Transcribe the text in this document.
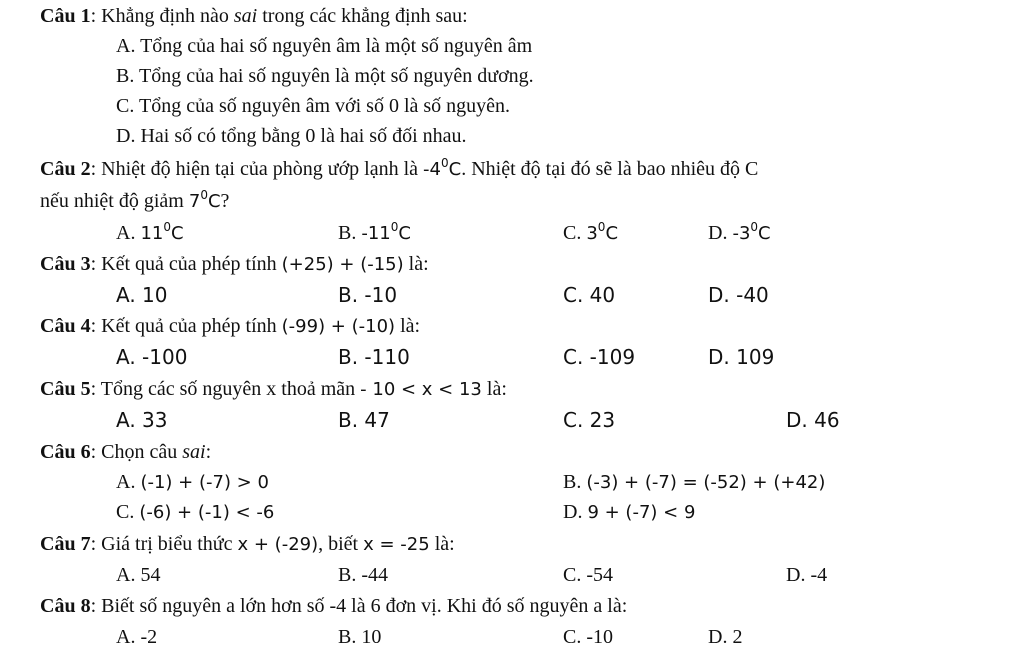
Câu 1: Khẳng định nào sai trong các khẳng định sau:
A. Tổng của hai số nguyên âm là một số nguyên âm
B. Tổng của hai số nguyên là một số nguyên dương.
C. Tổng của số nguyên âm với số 0 là số nguyên.
D. Hai số có tổng bằng 0 là hai số đối nhau.
Câu 2: Nhiệt độ hiện tại của phòng ướp lạnh là $-4^0C$. Nhiệt độ tại đó sẽ là bao nhiêu độ C
nếu nhiệt độ giảm $7^0C$?
A. $11^0C$	B. $-11^0C$	C. $3^0C$	D. $-3^0C$
Câu 3: Kết quả của phép tính (+25) + (-15) là:
A. 10	B. -10	C. 40	D. -40
Câu 4: Kết quả của phép tính (-99) + (-10) là:
A. -100	B. -110	C. -109	D. 109
Câu 5: Tổng các số nguyên x thoả mãn - 10 < x < 13 là:
A. 33	B. 47	C. 23	D. 46
Câu 6: Chọn câu sai:
A. (-1) + (-7) > 0	B. (-3) + (-7) = (-52) + (+42)
C. (-6) + (-1) < -6	D. 9 + (-7) < 9
Câu 7: Giá trị biểu thức x + (-29), biết x = -25 là:
A. 54	B. -44	C. -54	D. -4
Câu 8: Biết số nguyên a lớn hơn số -4 là 6 đơn vị. Khi đó số nguyên a là:
A. -2	B. 10	C. -10	D. 2
